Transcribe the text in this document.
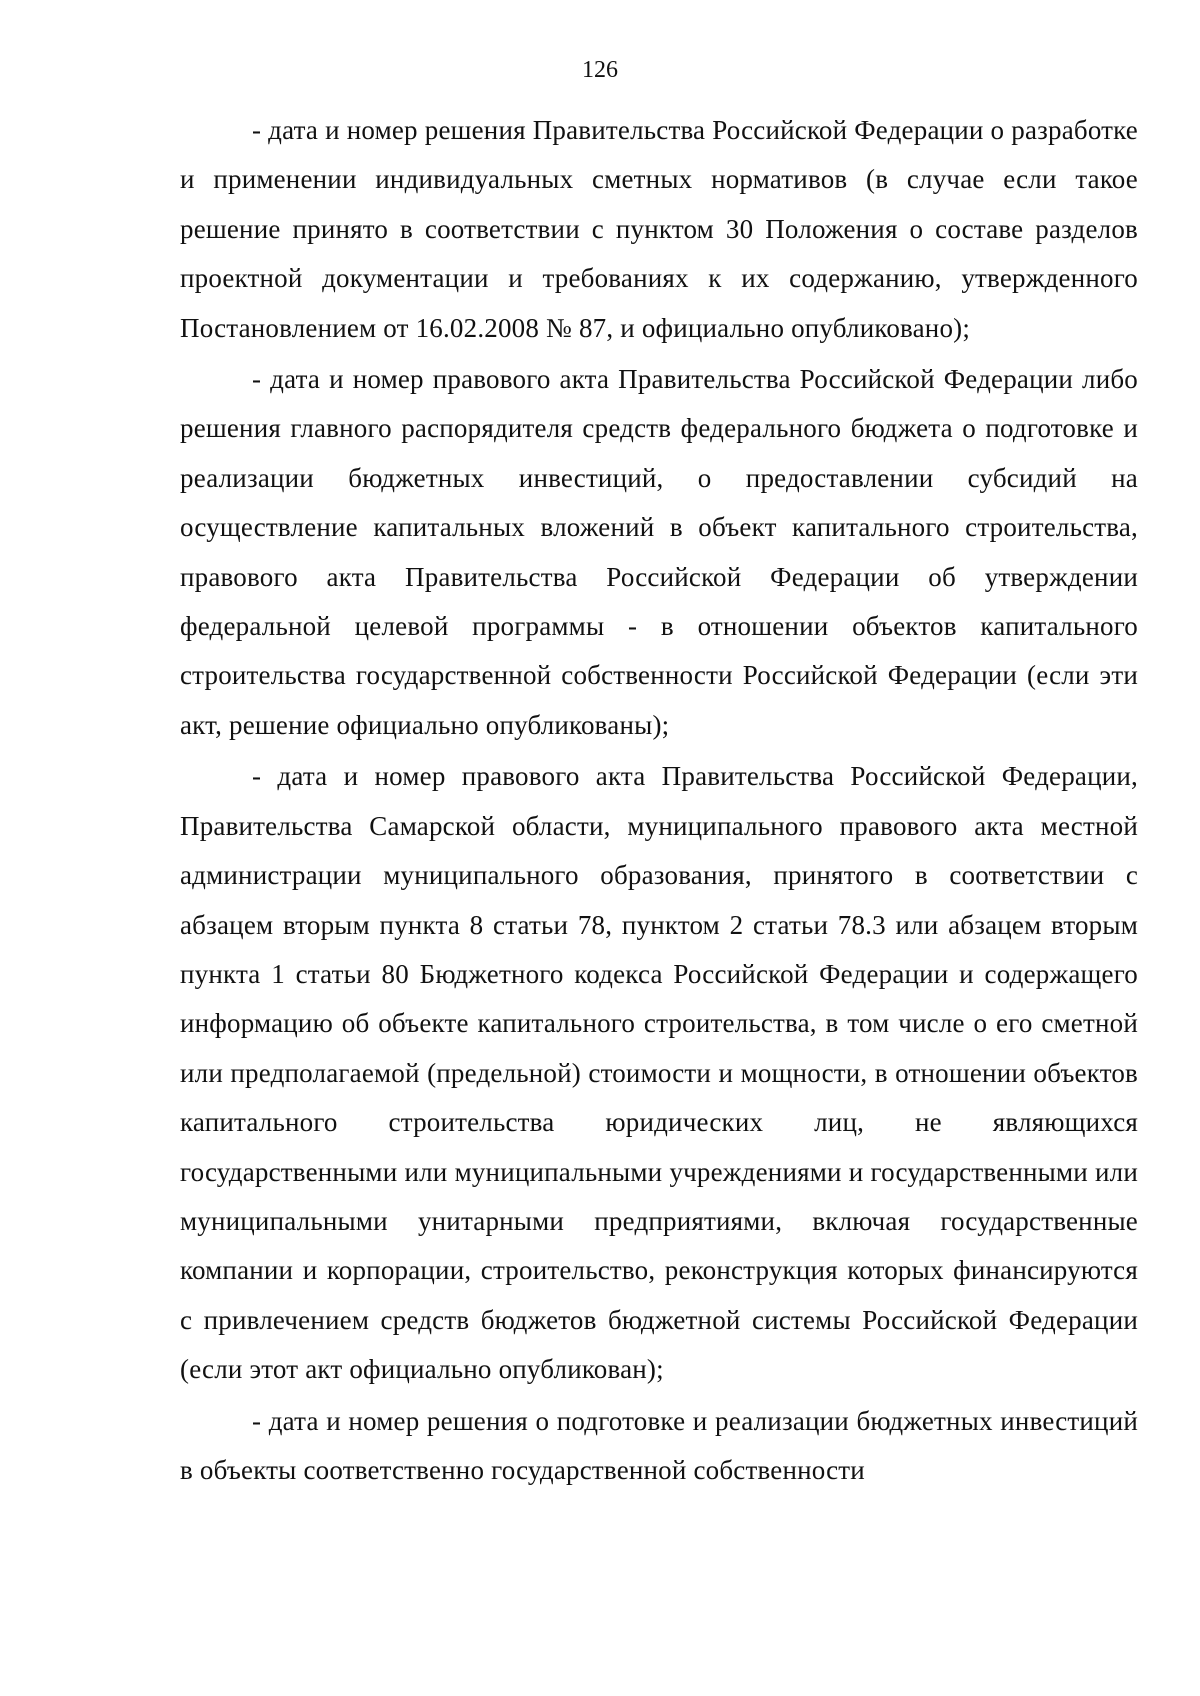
126

- дата и номер решения Правительства Российской Федерации о разработке и применении индивидуальных сметных нормативов (в случае если такое решение принято в соответствии с пунктом 30 Положения о составе разделов проектной документации и требованиях к их содержанию, утвержденного Постановлением от 16.02.2008 № 87, и официально опубликовано);

- дата и номер правового акта Правительства Российской Федерации либо решения главного распорядителя средств федерального бюджета о подготовке и реализации бюджетных инвестиций, о предоставлении субсидий на осуществление капитальных вложений в объект капитального строительства, правового акта Правительства Российской Федерации об утверждении федеральной целевой программы - в отношении объектов капитального строительства государственной собственности Российской Федерации (если эти акт, решение официально опубликованы);

- дата и номер правового акта Правительства Российской Федерации, Правительства Самарской области, муниципального правового акта местной администрации муниципального образования, принятого в соответствии с абзацем вторым пункта 8 статьи 78, пунктом 2 статьи 78.3 или абзацем вторым пункта 1 статьи 80 Бюджетного кодекса Российской Федерации и содержащего информацию об объекте капитального строительства, в том числе о его сметной или предполагаемой (предельной) стоимости и мощности, в отношении объектов капитального строительства юридических лиц, не являющихся государственными или муниципальными учреждениями и государственными или муниципальными унитарными предприятиями, включая государственные компании и корпорации, строительство, реконструкция которых финансируются с привлечением средств бюджетов бюджетной системы Российской Федерации (если этот акт официально опубликован);

- дата и номер решения о подготовке и реализации бюджетных инвестиций в объекты соответственно государственной собственности
